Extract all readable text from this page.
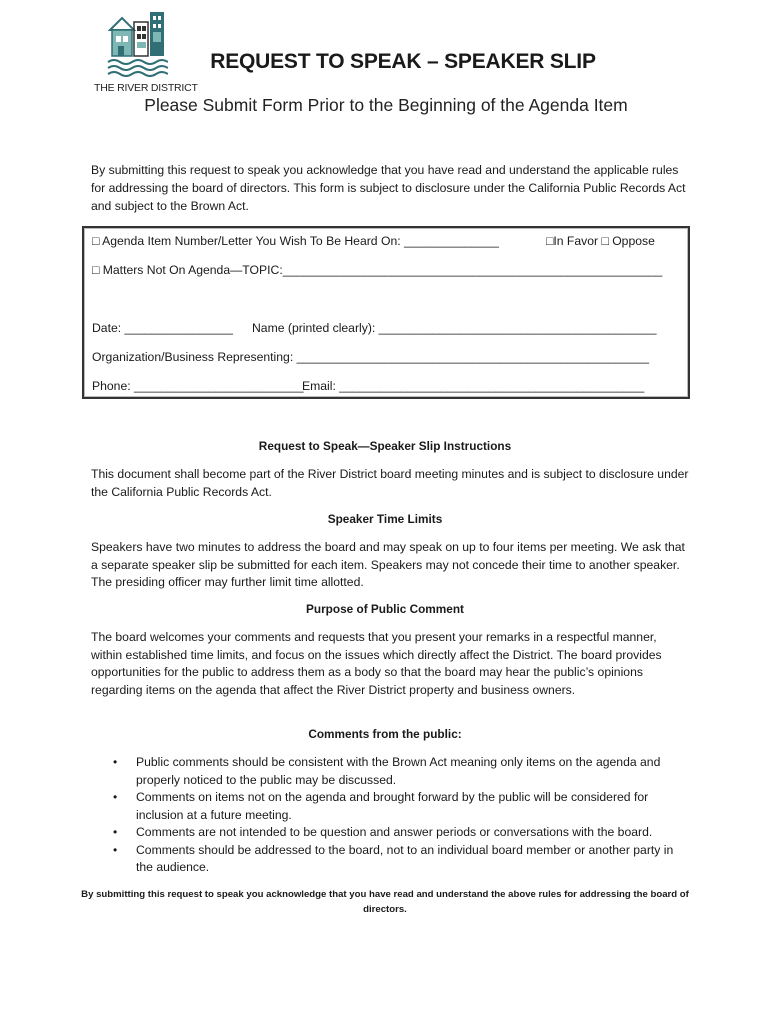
THE RIVER DISTRICT
REQUEST TO SPEAK – SPEAKER SLIP
Please Submit Form Prior to the Beginning of the Agenda Item
By submitting this request to speak you acknowledge that you have read and understand the applicable rules for addressing the board of directors. This form is subject to disclosure under the California Public Records Act and subject to the Brown Act.
□ Agenda Item Number/Letter You Wish To Be Heard On: ______________	□In Favor □ Oppose
□ Matters Not On Agenda—TOPIC:________________________________________________________
Date: ________________ Name (printed clearly): _________________________________________
Organization/Business Representing: ____________________________________________________
Phone: _________________________
Email: _____________________________________________
Request to Speak—Speaker Slip Instructions
This document shall become part of the River District board meeting minutes and is subject to disclosure under the California Public Records Act.
Speaker Time Limits
Speakers have two minutes to address the board and may speak on up to four items per meeting. We ask that a separate speaker slip be submitted for each item. Speakers may not concede their time to another speaker. The presiding officer may further limit time allotted.
Purpose of Public Comment
The board welcomes your comments and requests that you present your remarks in a respectful manner, within established time limits, and focus on the issues which directly affect the District. The board provides opportunities for the public to address them as a body so that the board may hear the public’s opinions regarding items on the agenda that affect the River District property and business owners.
Comments from the public:
• Public comments should be consistent with the Brown Act meaning only items on the agenda and properly noticed to the public may be discussed.
• Comments on items not on the agenda and brought forward by the public will be considered for inclusion at a future meeting.
• Comments are not intended to be question and answer periods or conversations with the board.
• Comments should be addressed to the board, not to an individual board member or another party in the audience.
By submitting this request to speak you acknowledge that you have read and understand the above rules for addressing the board of directors.
